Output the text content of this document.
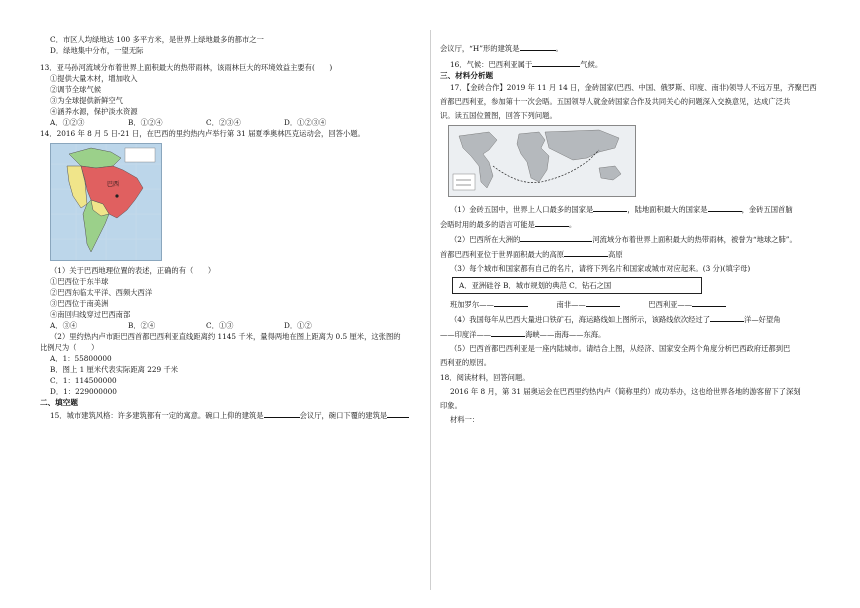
C．市区人均绿地达 100 多平方米，是世界上绿地最多的都市之一
D．绿地集中分布，一望无际
13．亚马孙河流域分布着世界上面积最大的热带雨林，该雨林巨大的环境效益主要有(　　)
①提供大量木材，增加收入
②调节全球气候
③为全球提供新鲜空气
④涵养水源，保护淡水资源
A．①②③	B．①②④	C．②③④	D．①②③④
14．2016 年 8 月 5 日-21 日，在巴西的里约热内卢举行第 31 届夏季奥林匹克运动会，回答小题。
巴西
（1）关于巴西地理位置的表述，正确的有（　　）
①巴西位于东半球
②巴西东临太平洋、西频大西洋
③巴西位于南美洲
④南回归线穿过巴西南部
A．③④	B．②④	C．①③	D．①②
（2）里约热内卢市距巴西首都巴西利亚直线距离约 1145 千米，量得两地在图上距离为 0.5 厘米，这张图的
比例尺为（　　）
A．1：55800000
B．图上 1 厘米代表实际距离 229 千米
C．1：114500000
D．1：229000000
二、填空题
15．城市建筑风格：许多建筑都有一定的寓意。碗口上仰的建筑是	会议厅，碗口下覆的建筑是
会议厅，“H”形的建筑是	。
16．气候：巴西利亚属于	气候。
三、材料分析题
17．【金砖合作】2019 年 11 月 14 日，金砖国家(巴西、中国、俄罗斯、印度、南非)领导人不远万里，齐聚巴西
首都巴西利亚，参加第十一次会晤。五国领导人就金砖国家合作及共同关心的问题深入交换意见，达成广泛共
识。读五国位置图，回答下列问题。
（1）金砖五国中，世界上人口最多的国家是	，陆地面积最大的国家是	，金砖五国首脑
会晤时用的最多的语言可能是	。
（2）巴西所在大洲的	河流域分布着世界上面积最大的热带雨林，被誉为“地球之肺”。
首都巴西利亚位于世界面积最大的高原	高原
（3）每个城市和国家都有自己的名片，请将下列名片和国家或城市对应起来。(3 分)(填字母)
A．亚洲硅谷 B．城市规划的典范 C．钻石之国
班加罗尔——	南非——	巴西利亚——
（4）我国每年从巴西大量进口铁矿石，海运路线如上图所示，该路线依次经过了	洋—好望角
——印度洋——	海峡——南海——东海。
（5）巴西首都巴西利亚是一座内陆城市。请结合上图，从经济、国家安全两个角度分析巴西政府迁都到巴
西利亚的原因。
18．阅读材料，回答问题。
2016 年 8 月，第 31 届奥运会在巴西里约热内卢（简称里约）成功举办，这也给世界各地的游客留下了深刻
印象。
材料一：
